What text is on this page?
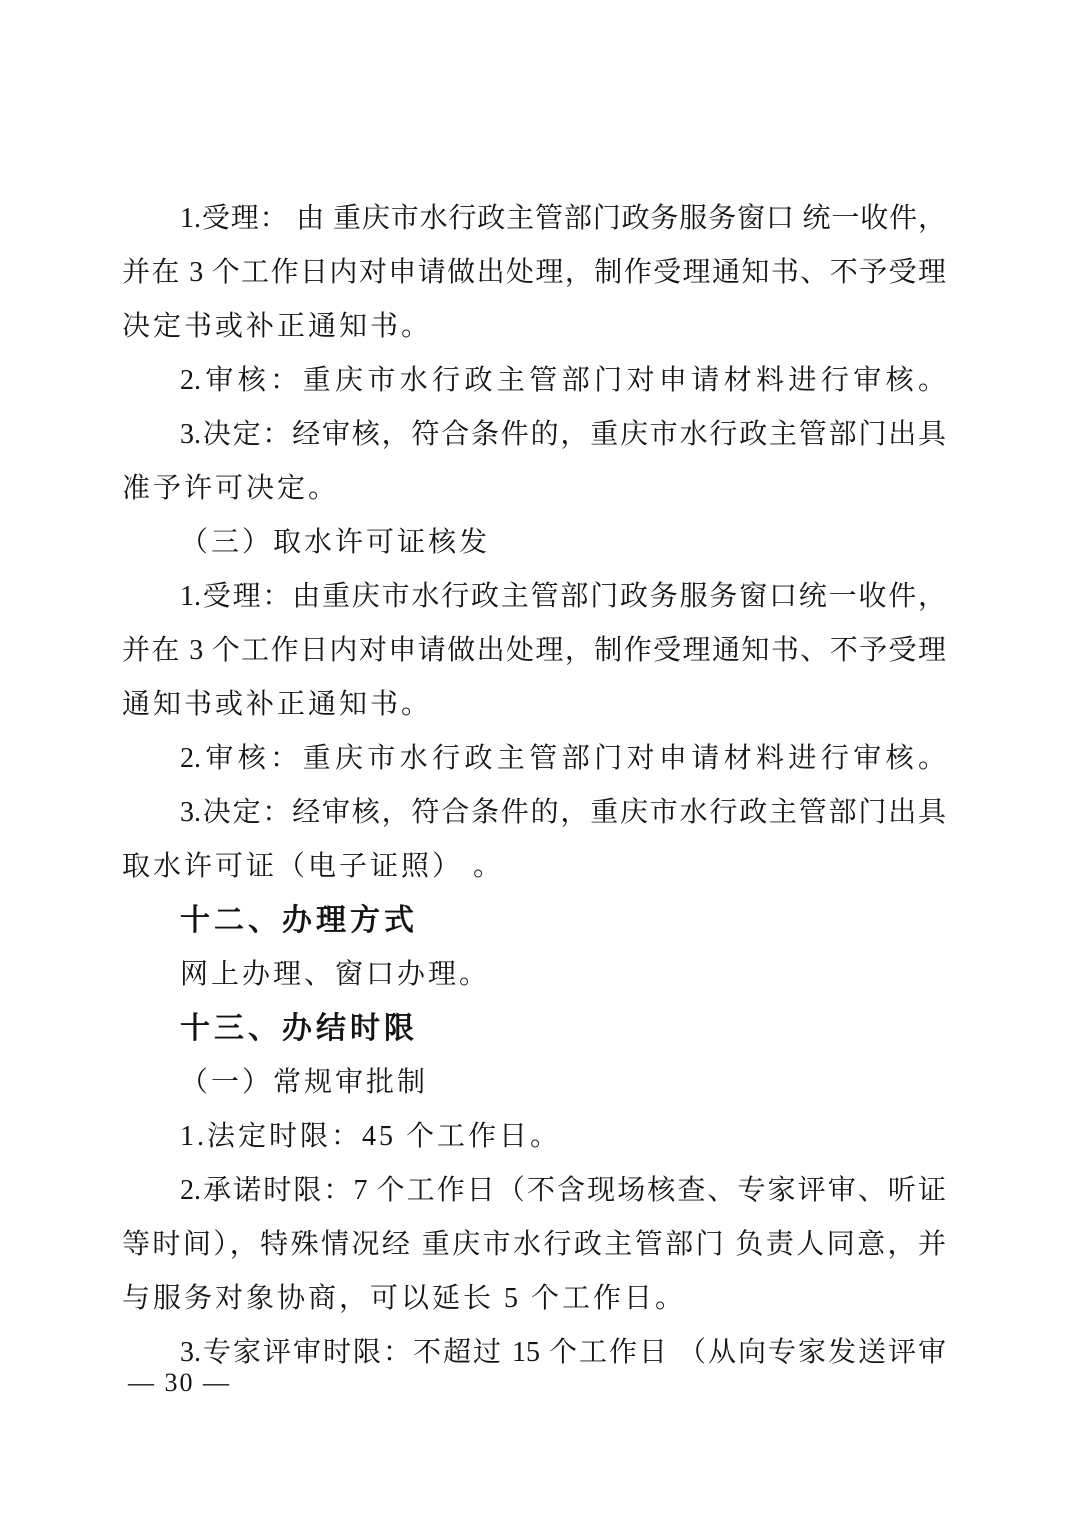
1.受理： 由 重庆市水行政主管部门政务服务窗口 统一收件，
并在 3 个工作日内对申请做出处理，制作受理通知书、不予受理
决定书或补正通知书。
2.审核：重庆市水行政主管部门对申请材料进行审核。
3.决定：经审核，符合条件的，重庆市水行政主管部门出具
准予许可决定。
（三）取水许可证核发
1.受理：由重庆市水行政主管部门政务服务窗口统一收件，
并在 3 个工作日内对申请做出处理，制作受理通知书、不予受理
通知书或补正通知书。
2.审核：重庆市水行政主管部门对申请材料进行审核。
3.决定：经审核，符合条件的，重庆市水行政主管部门出具
取水许可证（电子证照） 。
十二、办理方式
网上办理、窗口办理。
十三、办结时限
（一）常规审批制
1.法定时限：45 个工作日。
2.承诺时限：7 个工作日（不含现场核查、专家评审、听证
等时间），特殊情况经 重庆市水行政主管部门 负责人同意，并
与服务对象协商，可以延长 5 个工作日。
3.专家评审时限：不超过 15 个工作日 （从向专家发送评审
— 30 —
